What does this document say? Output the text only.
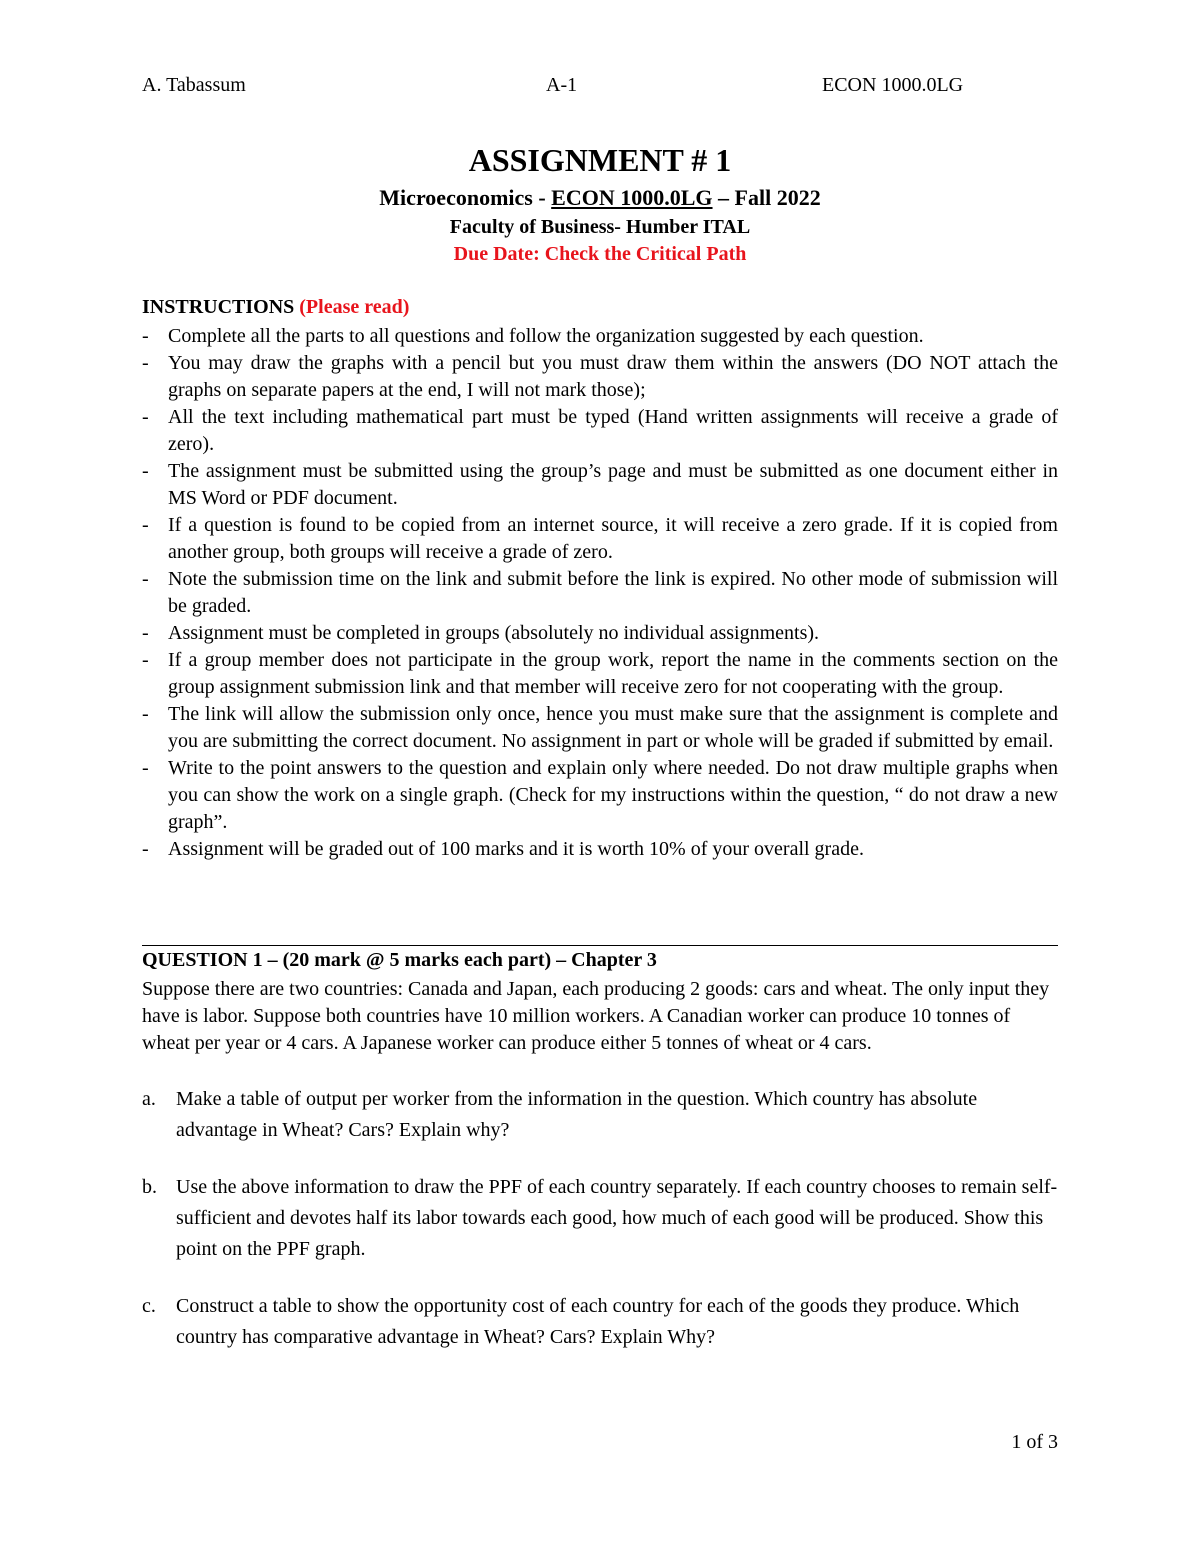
A. Tabassum	A-1	ECON 1000.0LG
ASSIGNMENT # 1
Microeconomics - ECON 1000.0LG – Fall 2022
Faculty of Business- Humber ITAL
Due Date: Check the Critical Path
INSTRUCTIONS (Please read)
- Complete all the parts to all questions and follow the organization suggested by each question.
- You may draw the graphs with a pencil but you must draw them within the answers (DO NOT attach the graphs on separate papers at the end, I will not mark those);
- All the text including mathematical part must be typed (Hand written assignments will receive a grade of zero).
- The assignment must be submitted using the group’s page and must be submitted as one document either in MS Word or PDF document.
- If a question is found to be copied from an internet source, it will receive a zero grade. If it is copied from another group, both groups will receive a grade of zero.
- Note the submission time on the link and submit before the link is expired. No other mode of submission will be graded.
- Assignment must be completed in groups (absolutely no individual assignments).
- If a group member does not participate in the group work, report the name in the comments section on the group assignment submission link and that member will receive zero for not cooperating with the group.
- The link will allow the submission only once, hence you must make sure that the assignment is complete and you are submitting the correct document. No assignment in part or whole will be graded if submitted by email.
- Write to the point answers to the question and explain only where needed. Do not draw multiple graphs when you can show the work on a single graph. (Check for my instructions within the question, “ do not draw a new graph”.
- Assignment will be graded out of 100 marks and it is worth 10% of your overall grade.
QUESTION 1 – (20 mark @ 5 marks each part) – Chapter 3
Suppose there are two countries: Canada and Japan, each producing 2 goods: cars and wheat. The only input they have is labor. Suppose both countries have 10 million workers. A Canadian worker can produce 10 tonnes of wheat per year or 4 cars. A Japanese worker can produce either 5 tonnes of wheat or 4 cars.
a. Make a table of output per worker from the information in the question. Which country has absolute advantage in Wheat? Cars? Explain why?
b. Use the above information to draw the PPF of each country separately. If each country chooses to remain self-sufficient and devotes half its labor towards each good, how much of each good will be produced. Show this point on the PPF graph.
c. Construct a table to show the opportunity cost of each country for each of the goods they produce. Which country has comparative advantage in Wheat? Cars? Explain Why?
1 of 3
